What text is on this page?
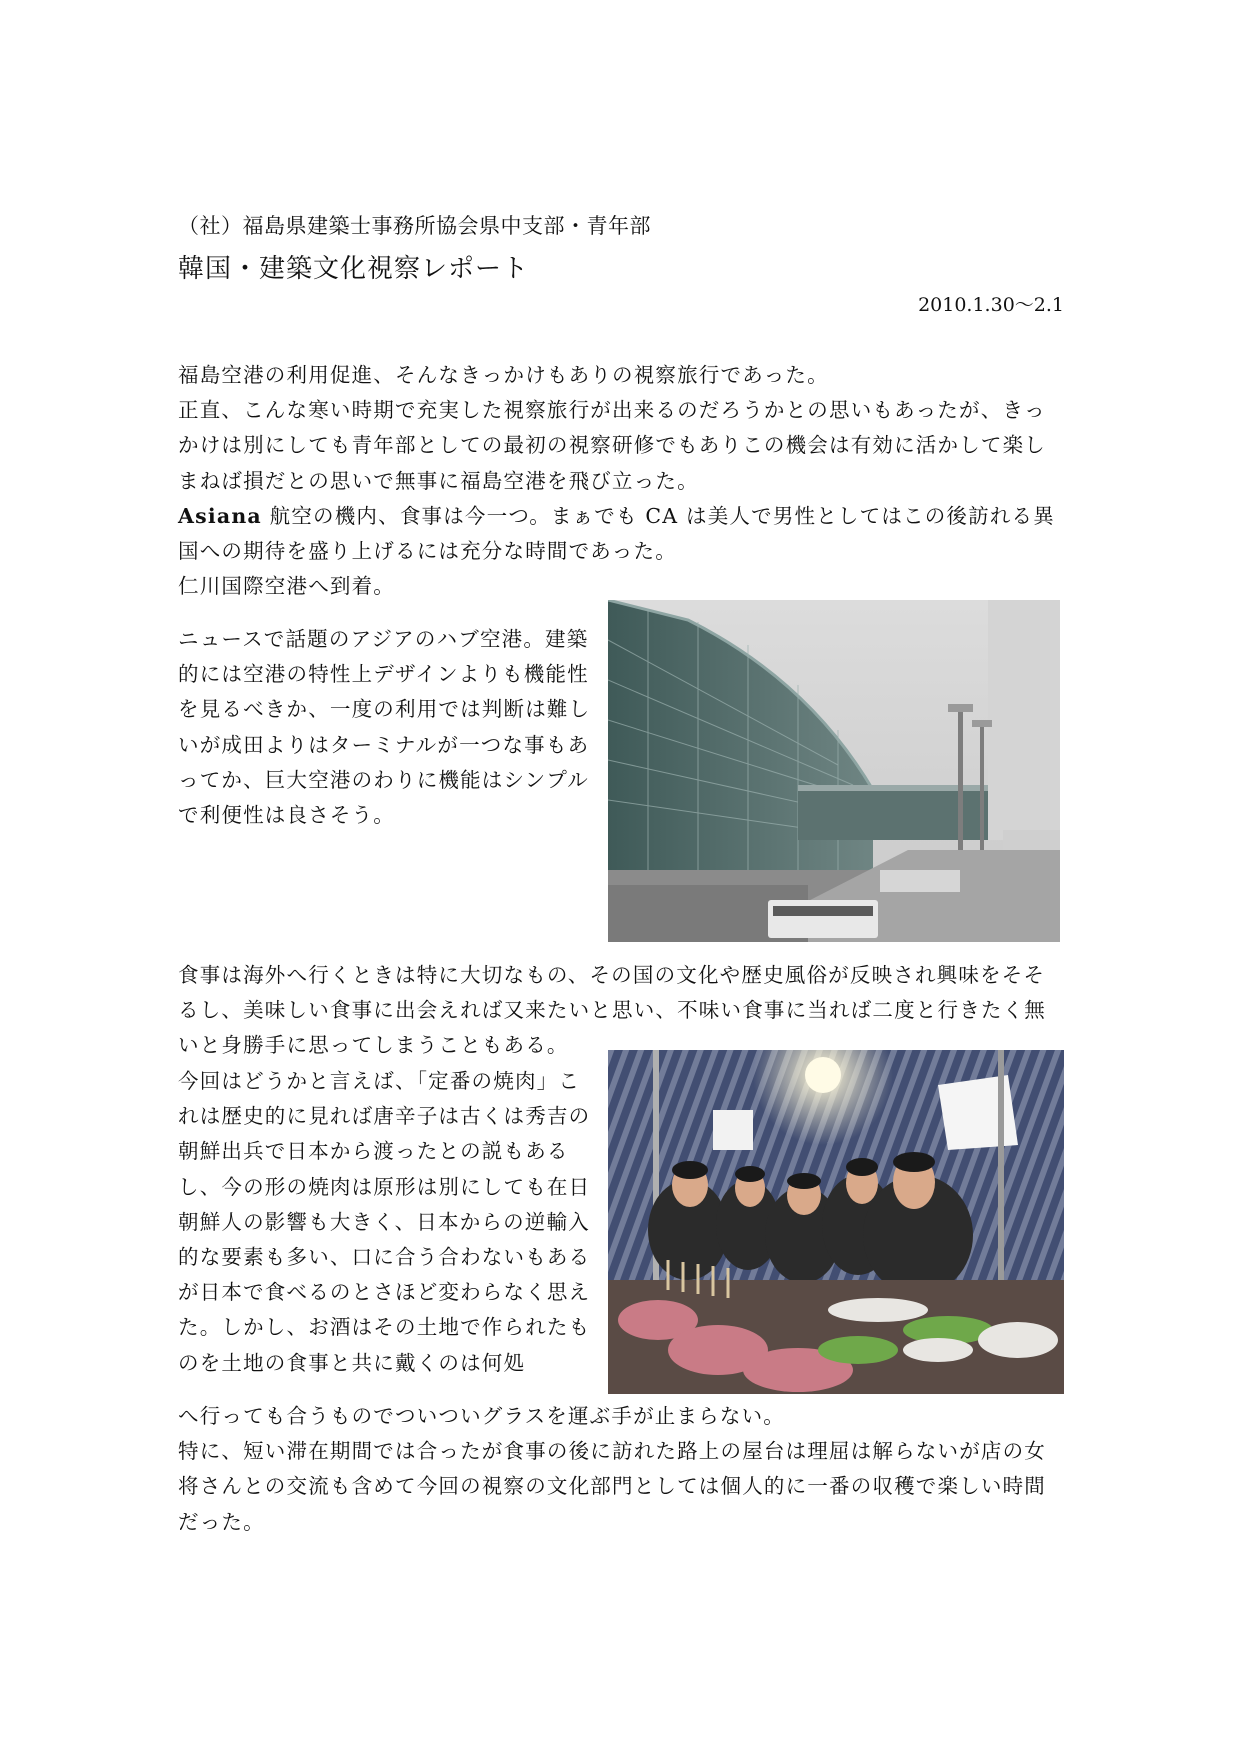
（社）福島県建築士事務所協会県中支部・青年部
韓国・建築文化視察レポート
2010.1.30〜2.1

福島空港の利用促進、そんなきっかけもありの視察旅行であった。

正直、こんな寒い時期で充実した視察旅行が出来るのだろうかとの思いもあったが、きっかけは別にしても青年部としての最初の視察研修でもありこの機会は有効に活かして楽しまねば損だとの思いで無事に福島空港を飛び立った。

Asiana 航空の機内、食事は今一つ。まぁでも CA は美人で男性としてはこの後訪れる異国への期待を盛り上げるには充分な時間であった。

仁川国際空港へ到着。

ニュースで話題のアジアのハブ空港。建築的には空港の特性上デザインよりも機能性を見るべきか、一度の利用では判断は難しいが成田よりはターミナルが一つな事もあってか、巨大空港のわりに機能はシンプルで利便性は良さそう。
食事は海外へ行くときは特に大切なもの、その国の文化や歴史風俗が反映され興味をそそるし、美味しい食事に出会えれば又来たいと思い、不味い食事に当れば二度と行きたく無いと身勝手に思ってしまうこともある。
今回はどうかと言えば、「定番の焼肉」これは歴史的に見れば唐辛子は古くは秀吉の朝鮮出兵で日本から渡ったとの説もあるし、今の形の焼肉は原形は別にしても在日朝鮮人の影響も大きく、日本からの逆輸入的な要素も多い、口に合う合わないもあるが日本で食べるのとさほど変わらなく思えた。しかし、お酒はその土地で作られたものを土地の食事と共に戴くのは何処

へ行っても合うものでついついグラスを運ぶ手が止まらない。

特に、短い滞在期間では合ったが食事の後に訪れた路上の屋台は理屈は解らないが店の女将さんとの交流も含めて今回の視察の文化部門としては個人的に一番の収穫で楽しい時間だった。
